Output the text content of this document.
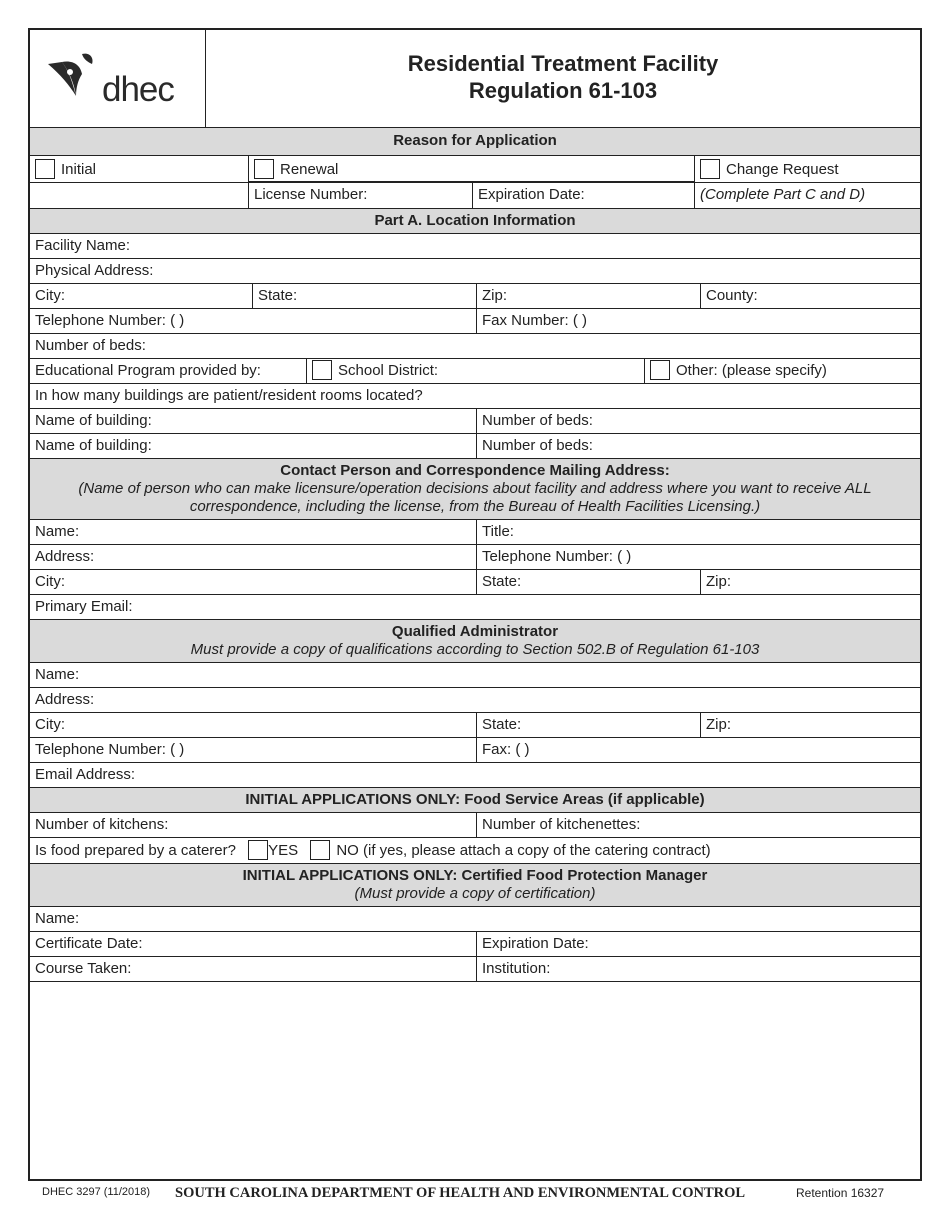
dhec
Residential Treatment Facility
Regulation 61-103
Reason for Application
Initial	Renewal	Change Request
License Number:	Expiration Date:	(Complete Part C and D)
Part A. Location Information
Facility Name:
Physical Address:
City:	State:	Zip:	County:
Telephone Number: ( )	Fax Number: ( )
Number of beds:
Educational Program provided by:	School District:	Other: (please specify)
In how many buildings are patient/resident rooms located?
Name of building:	Number of beds:
Name of building:	Number of beds:
Contact Person and Correspondence Mailing Address:
(Name of person who can make licensure/operation decisions about facility and address where you want to receive ALL correspondence, including the license, from the Bureau of Health Facilities Licensing.)
Name:	Title:
Address:	Telephone Number: ( )
City:	State:	Zip:
Primary Email:
Qualified Administrator
Must provide a copy of qualifications according to Section 502.B of Regulation 61-103
Name:
Address:
City:	State:	Zip:
Telephone Number: ( )	Fax: ( )
Email Address:
INITIAL APPLICATIONS ONLY: Food Service Areas (if applicable)
Number of kitchens:	Number of kitchenettes:
Is food prepared by a caterer? YES	NO (if yes, please attach a copy of the catering contract)
INITIAL APPLICATIONS ONLY: Certified Food Protection Manager
(Must provide a copy of certification)
Name:
Certificate Date:	Expiration Date:
Course Taken:	Institution:
DHEC 3297 (11/2018) SOUTH CAROLINA DEPARTMENT OF HEALTH AND ENVIRONMENTAL CONTROL	Retention 16327
